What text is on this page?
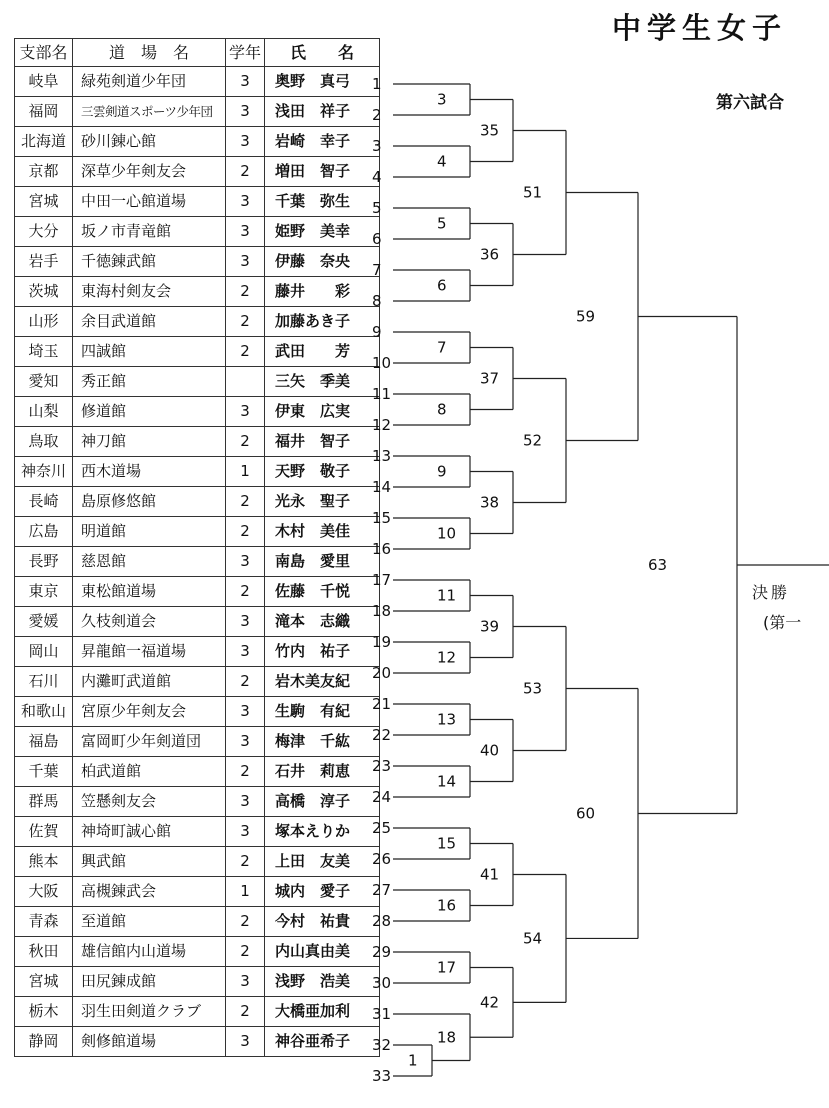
中学生女子
第六試合
決勝
(第一
支部名	道　場　名	学年	氏　　名
岐阜	緑苑剣道少年団	3	奥野　真弓
福岡	三雲剣道スポーツ少年団	3	浅田　祥子
北海道	砂川錬心館	3	岩崎　幸子
京都	深草少年剣友会	2	増田　智子
宮城	中田一心館道場	3	千葉　弥生
大分	坂ノ市青竜館	3	姫野　美幸
岩手	千徳錬武館	3	伊藤　奈央
茨城	東海村剣友会	2	藤井　　彩
山形	余目武道館	2	加藤あき子
埼玉	四誠館	2	武田　　芳
愛知	秀正館		三矢　季美
山梨	修道館	3	伊東　広実
鳥取	神刀館	2	福井　智子
神奈川	西木道場	1	天野　敬子
長崎	島原修悠館	2	光永　聖子
広島	明道館	2	木村　美佳
長野	慈恩館	3	南島　愛里
東京	東松館道場	2	佐藤　千悦
愛媛	久枝剣道会	3	滝本　志織
岡山	昇龍館一福道場	3	竹内　祐子
石川	内灘町武道館	2	岩木美友紀
和歌山	宮原少年剣友会	3	生駒　有紀
福島	富岡町少年剣道団	3	梅津　千紘
千葉	柏武道館	2	石井　莉恵
群馬	笠懸剣友会	3	高橋　淳子
佐賀	神埼町誠心館	3	塚本えりか
熊本	興武館	2	上田　友美
大阪	高槻錬武会	1	城内　愛子
青森	至道館	2	今村　祐貴
秋田	雄信館内山道場	2	内山真由美
宮城	田尻錬成館	3	浅野　浩美
栃木	羽生田剣道クラブ	2	大橋亜加利
静岡	剣修館道場	3	神谷亜希子
1
2
3
4
5
6
7
8
9
10
11
12
13
14
15
16
17
18
19
20
21
22
23
24
25
26
27
28
29
30
31
32
33
3
4
5
6
7
8
9
10
11
12
13
14
15
16
17
1
18
35
36
37
38
39
40
41
42
51
52
53
54
59
60
63
